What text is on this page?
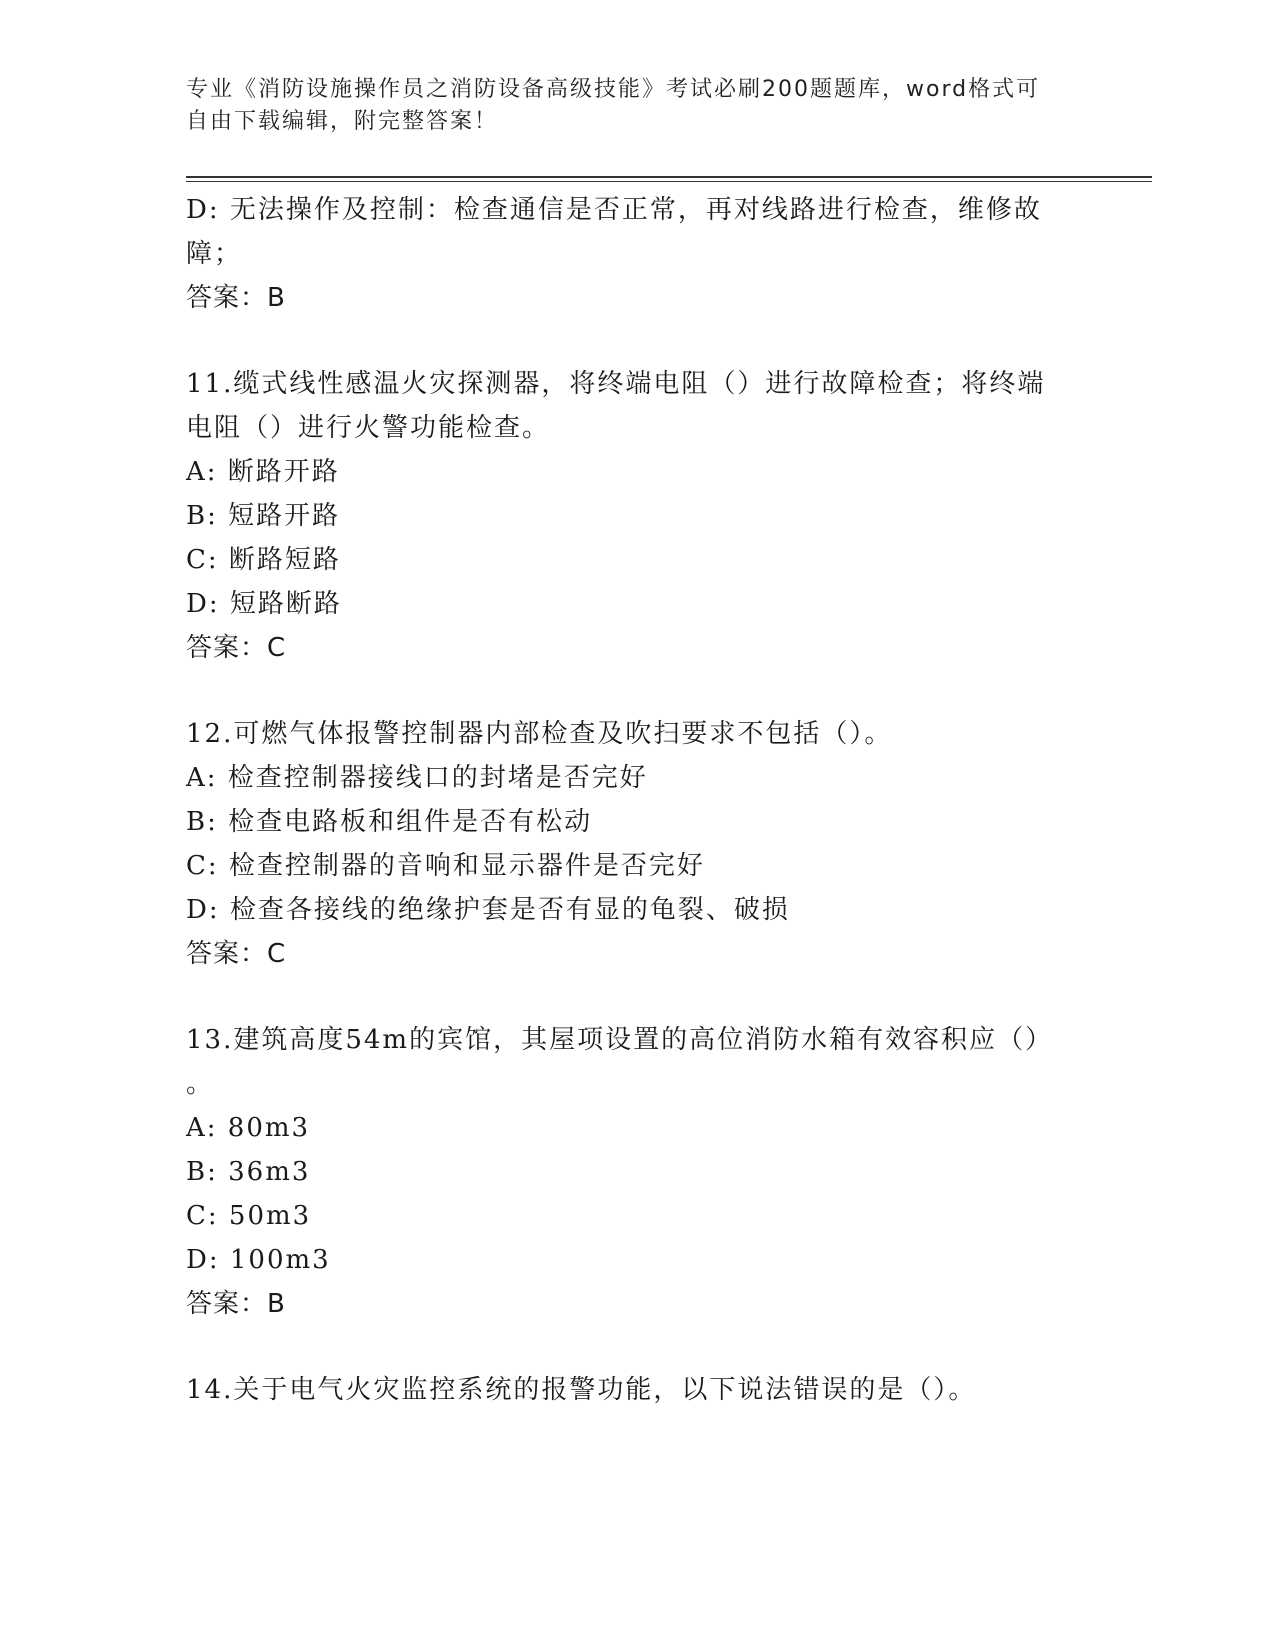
专业《消防设施操作员之消防设备高级技能》考试必刷200题题库，word格式可
自由下载编辑，附完整答案！
D: 无法操作及控制：检查通信是否正常，再对线路进行检查，维修故
障；
答案：B
11.缆式线性感温火灾探测器，将终端电阻（）进行故障检查；将终端
电阻（）进行火警功能检查。
A: 断路开路
B: 短路开路
C: 断路短路
D: 短路断路
答案：C
12.可燃气体报警控制器内部检查及吹扫要求不包括（）。
A: 检查控制器接线口的封堵是否完好
B: 检查电路板和组件是否有松动
C: 检查控制器的音响和显示器件是否完好
D: 检查各接线的绝缘护套是否有显的龟裂、破损
答案：C
13.建筑高度54m的宾馆，其屋项设置的高位消防水箱有效容积应（）
。
A: 80m3
B: 36m3
C: 50m3
D: 100m3
答案：B
14.关于电气火灾监控系统的报警功能，以下说法错误的是（）。
